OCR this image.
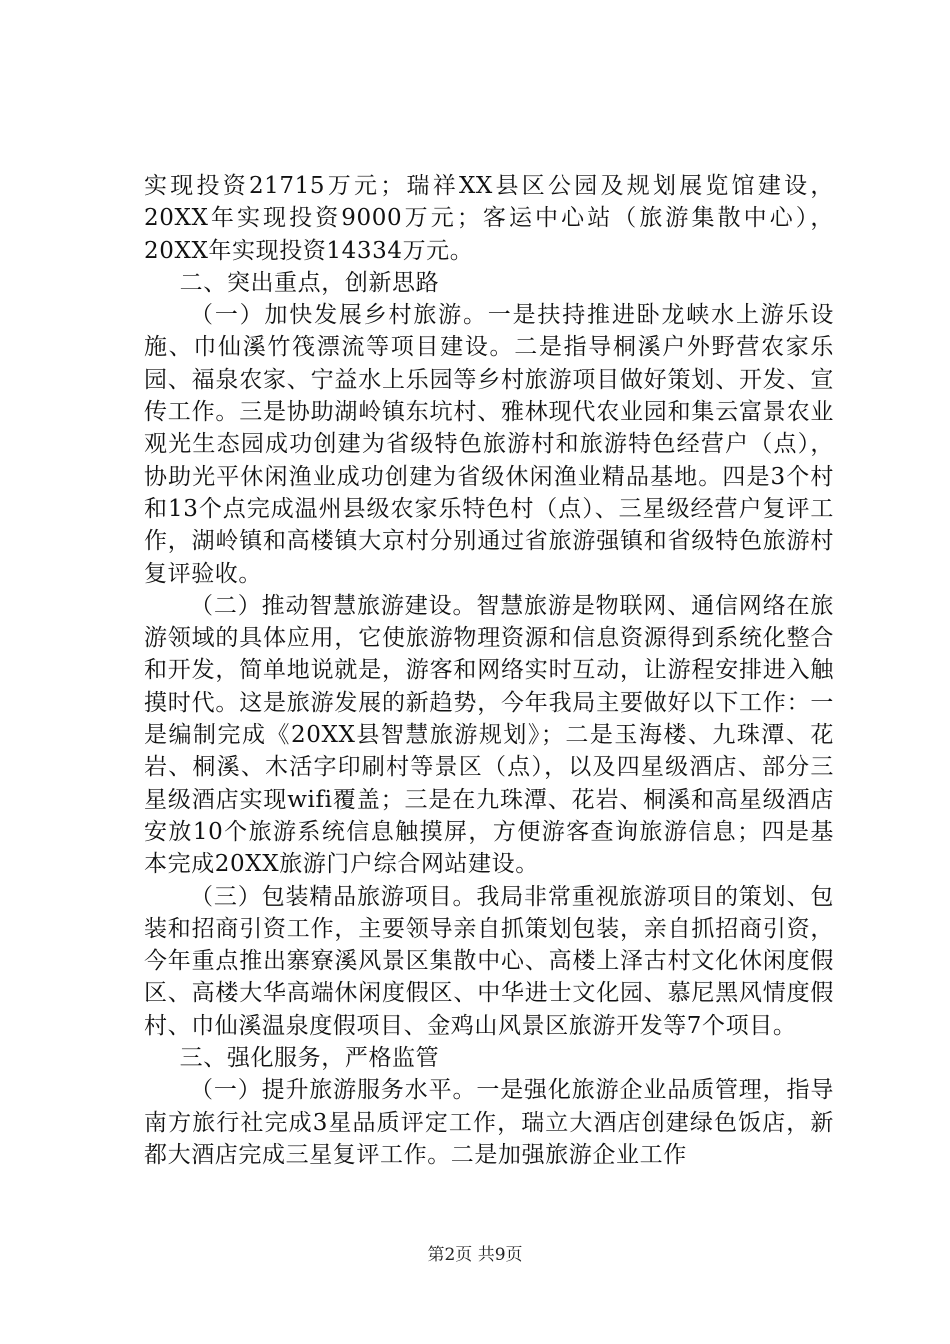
实现投资21715万元；瑞祥XX县区公园及规划展览馆建设，20XX年实现投资9000万元；客运中心站（旅游集散中心），20XX年实现投资14334万元。

二、突出重点，创新思路

（一）加快发展乡村旅游。一是扶持推进卧龙峡水上游乐设施、巾仙溪竹筏漂流等项目建设。二是指导桐溪户外野营农家乐园、福泉农家、宁益水上乐园等乡村旅游项目做好策划、开发、宣传工作。三是协助湖岭镇东坑村、雅林现代农业园和集云富景农业观光生态园成功创建为省级特色旅游村和旅游特色经营户（点），协助光平休闲渔业成功创建为省级休闲渔业精品基地。四是3个村和13个点完成温州县级农家乐特色村（点）、三星级经营户复评工作，湖岭镇和高楼镇大京村分别通过省旅游强镇和省级特色旅游村复评验收。

（二）推动智慧旅游建设。智慧旅游是物联网、通信网络在旅游领域的具体应用，它使旅游物理资源和信息资源得到系统化整合和开发，简单地说就是，游客和网络实时互动，让游程安排进入触摸时代。这是旅游发展的新趋势，今年我局主要做好以下工作：一是编制完成《20XX县智慧旅游规划》；二是玉海楼、九珠潭、花岩、桐溪、木活字印刷村等景区（点），以及四星级酒店、部分三星级酒店实现wifi覆盖；三是在九珠潭、花岩、桐溪和高星级酒店安放10个旅游系统信息触摸屏，方便游客查询旅游信息；四是基本完成20XX旅游门户综合网站建设。

（三）包装精品旅游项目。我局非常重视旅游项目的策划、包装和招商引资工作，主要领导亲自抓策划包装，亲自抓招商引资，今年重点推出寨寮溪风景区集散中心、高楼上泽古村文化休闲度假区、高楼大华高端休闲度假区、中华进士文化园、慕尼黑风情度假村、巾仙溪温泉度假项目、金鸡山风景区旅游开发等7个项目。

三、强化服务，严格监管

（一）提升旅游服务水平。一是强化旅游企业品质管理，指导南方旅行社完成3星品质评定工作，瑞立大酒店创建绿色饭店，新都大酒店完成三星复评工作。二是加强旅游企业工作

第2页 共9页
